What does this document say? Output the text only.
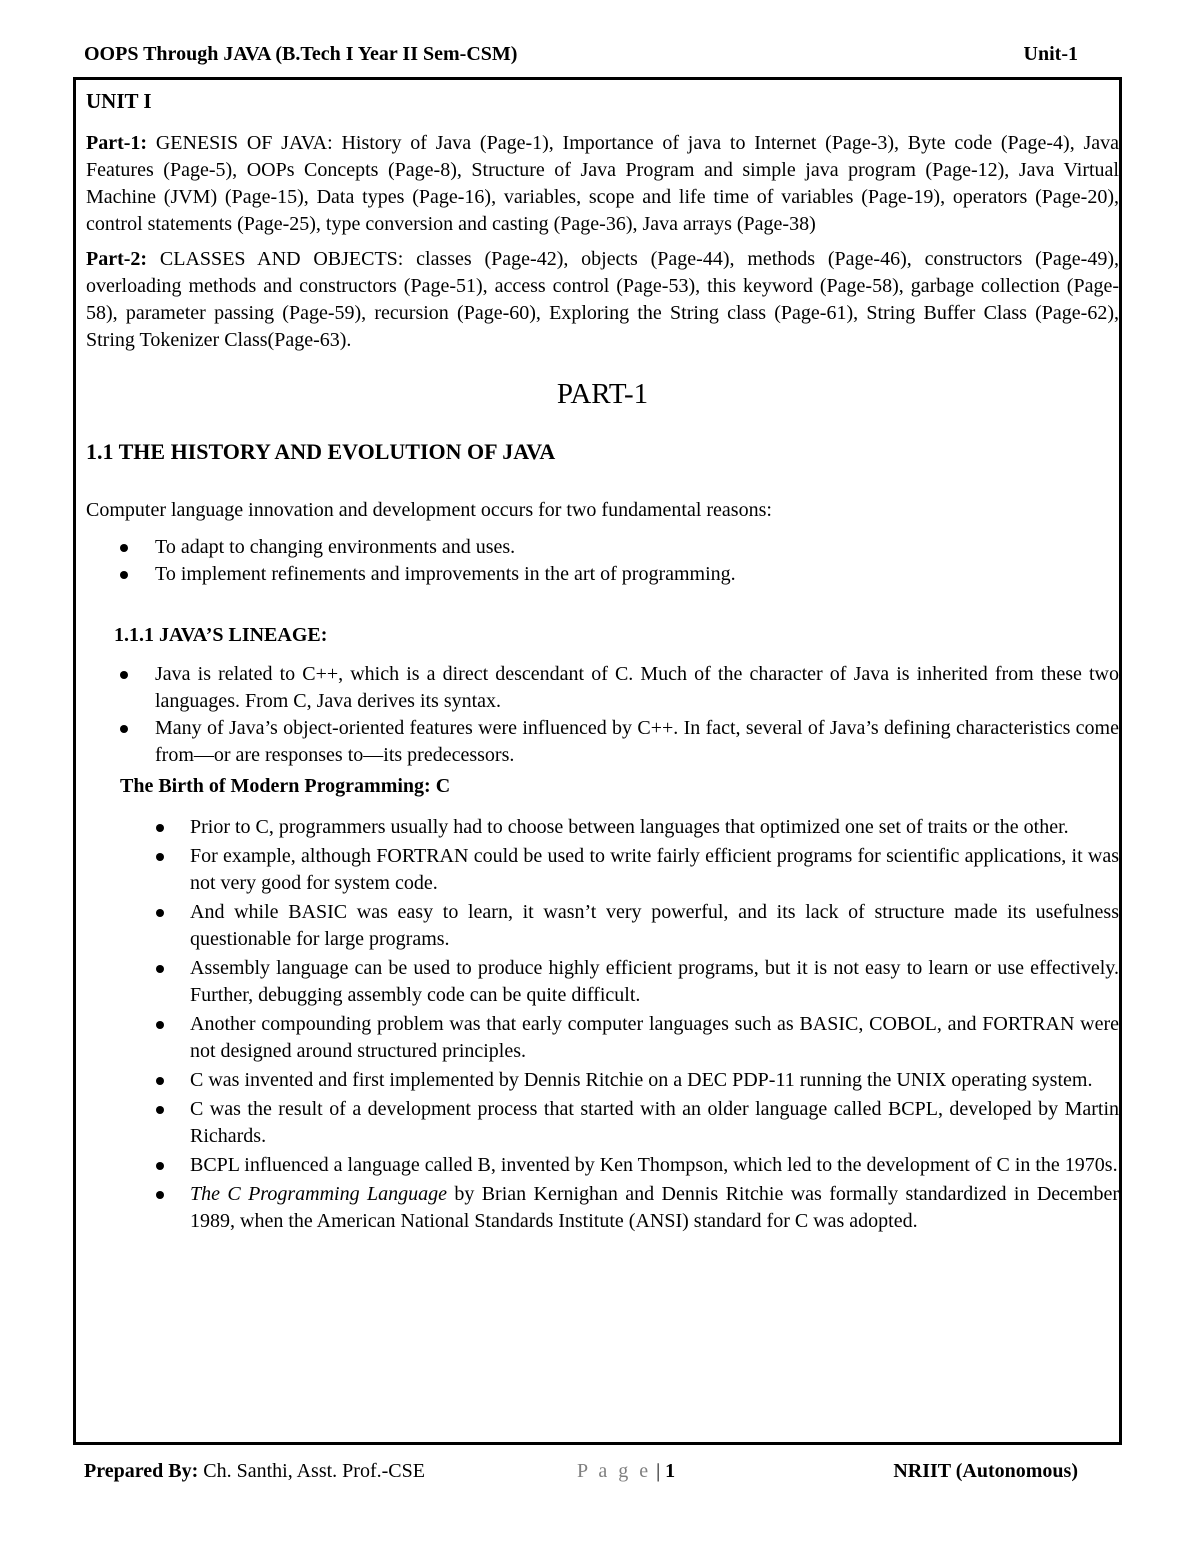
OOPS Through JAVA (B.Tech I Year II Sem-CSM)	Unit-1
UNIT I

Part-1: GENESIS OF JAVA: History of Java (Page-1), Importance of java to Internet (Page-3), Byte code (Page-4), Java Features (Page-5), OOPs Concepts (Page-8), Structure of Java Program and simple java program (Page-12), Java Virtual Machine (JVM) (Page-15), Data types (Page-16), variables, scope and life time of variables (Page-19), operators (Page-20), control statements (Page-25), type conversion and casting (Page-36), Java arrays (Page-38)

Part-2: CLASSES AND OBJECTS: classes (Page-42), objects (Page-44), methods (Page-46), constructors (Page-49), overloading methods and constructors (Page-51), access control (Page-53), this keyword (Page-58), garbage collection (Page-58), parameter passing (Page-59), recursion (Page-60), Exploring the String class (Page-61), String Buffer Class (Page-62), String Tokenizer Class(Page-63).

PART-1
1.1 THE HISTORY AND EVOLUTION OF JAVA
Computer language innovation and development occurs for two fundamental reasons:
To adapt to changing environments and uses.
To implement refinements and improvements in the art of programming.
1.1.1 JAVA’S LINEAGE:
Java is related to C++, which is a direct descendant of C. Much of the character of Java is inherited from these two languages. From C, Java derives its syntax.
Many of Java’s object-oriented features were influenced by C++. In fact, several of Java’s defining characteristics come from—or are responses to—its predecessors.
The Birth of Modern Programming: C
Prior to C, programmers usually had to choose between languages that optimized one set of traits or the other.
For example, although FORTRAN could be used to write fairly efficient programs for scientific applications, it was not very good for system code.
And while BASIC was easy to learn, it wasn’t very powerful, and its lack of structure made its usefulness questionable for large programs.
Assembly language can be used to produce highly efficient programs, but it is not easy to learn or use effectively. Further, debugging assembly code can be quite difficult.
Another compounding problem was that early computer languages such as BASIC, COBOL, and FORTRAN were not designed around structured principles.
C was invented and first implemented by Dennis Ritchie on a DEC PDP-11 running the UNIX operating system.
C was the result of a development process that started with an older language called BCPL, developed by Martin Richards.
BCPL influenced a language called B, invented by Ken Thompson, which led to the development of C in the 1970s.
The C Programming Language by Brian Kernighan and Dennis Ritchie was formally standardized in December 1989, when the American National Standards Institute (ANSI) standard for C was adopted.
Prepared By: Ch. Santhi, Asst. Prof.-CSE	P a g e | 1	NRIIT (Autonomous)
